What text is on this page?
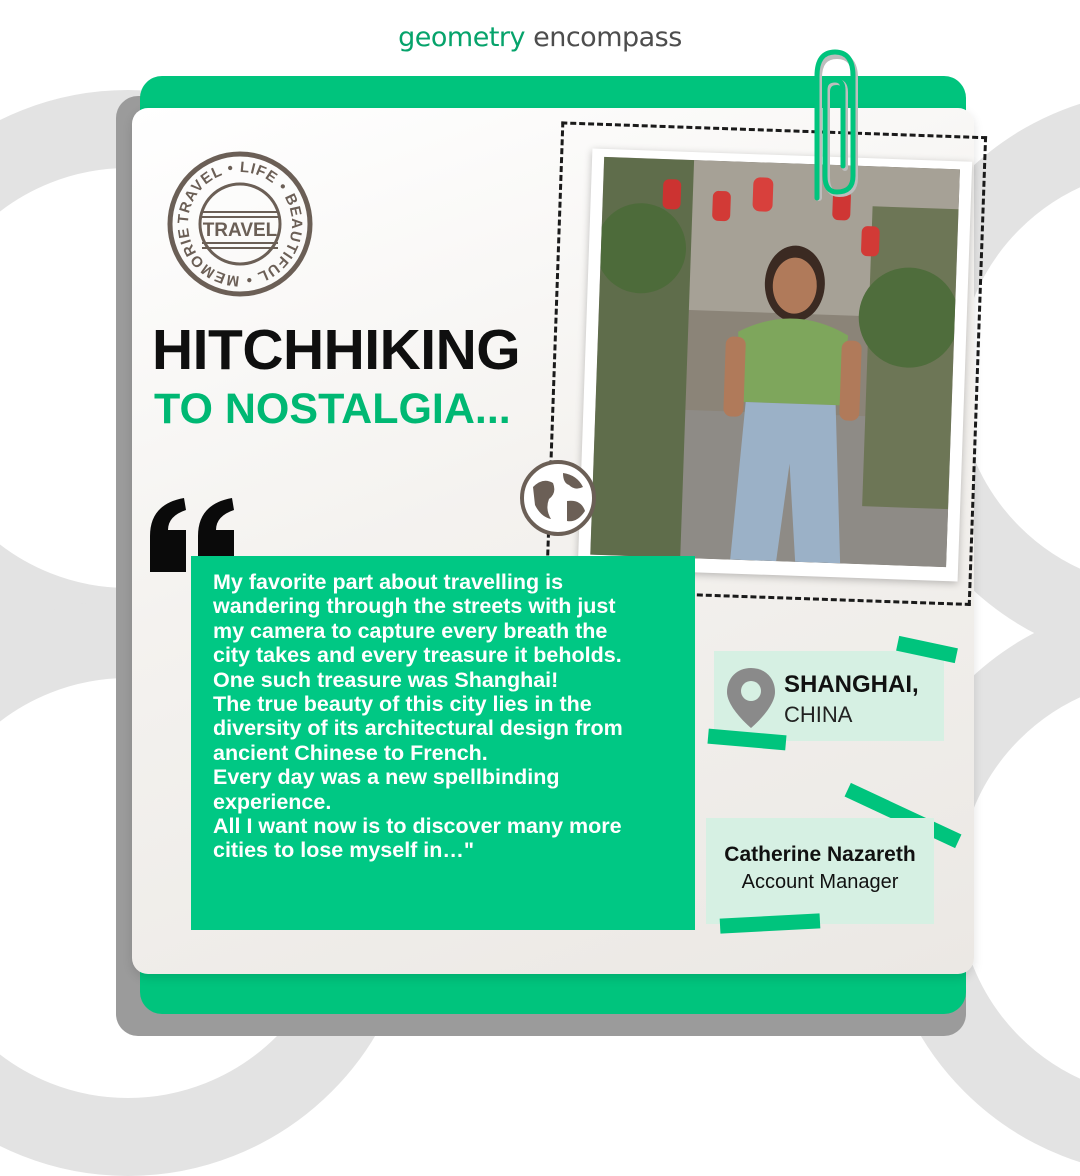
geometry encompass
TRAVEL • LIFE • BEAUTIFUL • MEMORIE TRAVEL
HITCHHIKING
TO NOSTALGIA...
My favorite part about travelling is
wandering through the streets with just
my camera to capture every breath the
city takes and every treasure it beholds.
One such treasure was Shanghai!
The true beauty of this city lies in the
diversity of its architectural design from
ancient Chinese to French.
Every day was a new spellbinding
experience.
All I want now is to discover many more
cities to lose myself in…"
SHANGHAI,
CHINA
Catherine Nazareth
Account Manager
